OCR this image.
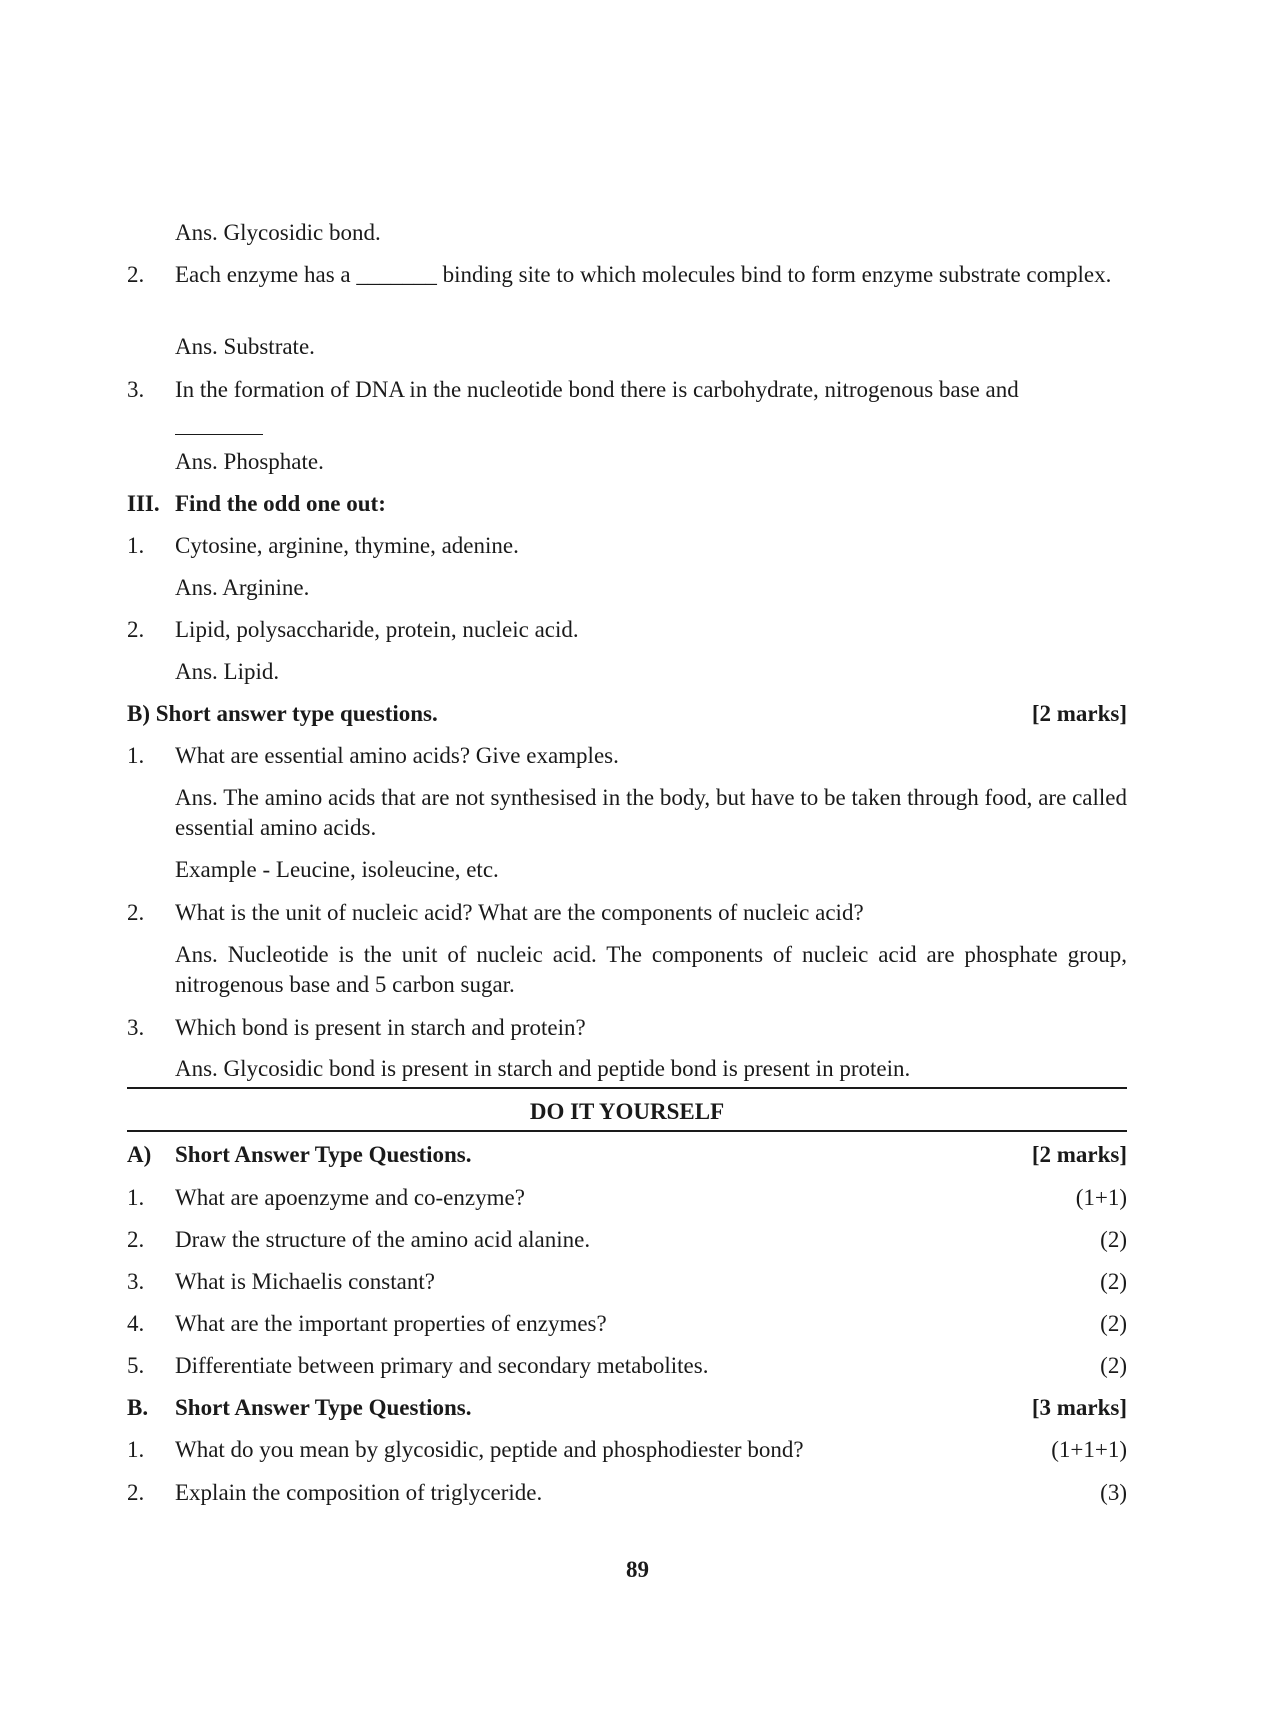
Ans. Glycosidic bond.
2. Each enzyme has a _______ binding site to which molecules bind to form enzyme substrate complex.
Ans. Substrate.
3. In the formation of DNA in the nucleotide bond there is carbohydrate, nitrogenous base and
Ans. Phosphate.
III. Find the odd one out:
1. Cytosine, arginine, thymine, adenine.
Ans. Arginine.
2. Lipid, polysaccharide, protein, nucleic acid.
Ans. Lipid.
B) Short answer type questions.	[2 marks]
1. What are essential amino acids? Give examples.
Ans. The amino acids that are not synthesised in the body, but have to be taken through food, are called essential amino acids.
Example - Leucine, isoleucine, etc.
2. What is the unit of nucleic acid? What are the components of nucleic acid?
Ans. Nucleotide is the unit of nucleic acid. The components of nucleic acid are phosphate group, nitrogenous base and 5 carbon sugar.
3. Which bond is present in starch and protein?
Ans. Glycosidic bond is present in starch and peptide bond is present in protein.
DO IT YOURSELF
A) Short Answer Type Questions.	[2 marks]
1. What are apoenzyme and co-enzyme?	(1+1)
2. Draw the structure of the amino acid alanine.	(2)
3. What is Michaelis constant?	(2)
4. What are the important properties of enzymes?	(2)
5. Differentiate between primary and secondary metabolites.	(2)
B. Short Answer Type Questions.	[3 marks]
1. What do you mean by glycosidic, peptide and phosphodiester bond?	(1+1+1)
2. Explain the composition of triglyceride.	(3)
89
